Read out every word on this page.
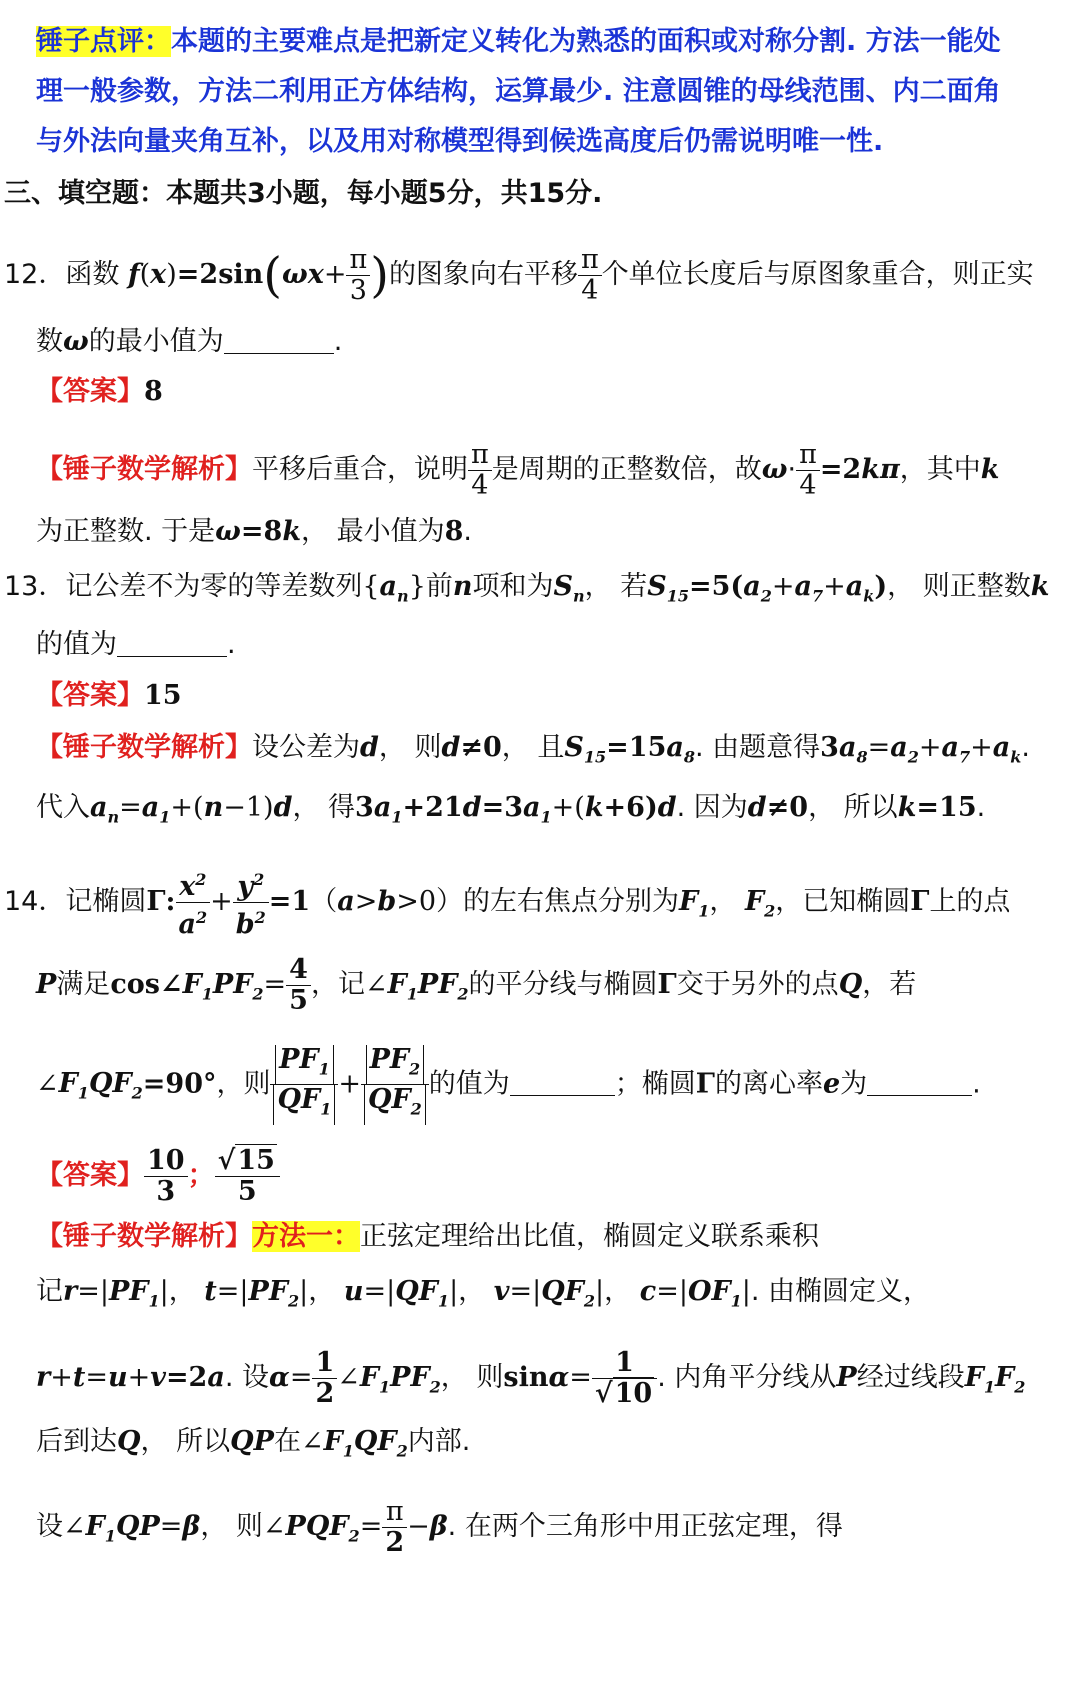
锤子点评：本题的主要难点是把新定义转化为熟悉的面积或对称分割. 方法一能处
理一般参数，方法二利用正方体结构，运算最少. 注意圆锥的母线范围、内二面角
与外法向量夹角互补，以及用对称模型得到候选高度后仍需说明唯一性.
三、填空题：本题共3小题，每小题5分，共15分.
12．函数 $f(x)=2\sin(\omega x+ \frac{\pi}{3}$ )的图象向右平移 $\frac{\pi}{4}$ 个单位长度后与原图象重合，则正实
数ω的最小值为	.
【答案】8
【锤子数学解析】平移后重合，说明 $\frac{\pi}{4}$ 是周期的正整数倍，故$\omega\cdot \frac{\pi}{4} =2k\pi$，其中k
为正整数. 于是ω=8k， 最小值为8.
13．记公差不为零的等差数列$\{a_n\}$前n项和为$S_n$， 若$S_{15}=5(a_2+a_7+a_k)$， 则正整数k
的值为	.
【答案】15
【锤子数学解析】设公差为d， 则d≠0， 且$S_{15}=15a_8$. 由题意得$3a_8=a_2+a_7+a_k$.
代入$a_n=a_1+(n-1)d$， 得$3a_1+21d=3a_1+(k+6)d$. 因为d≠0， 所以k=15.
14．记椭圆Γ: $\frac{x^2}{a^2} + \frac{y^2}{b^2} =1(a>b>0)$的左右焦点分别为$F_1$， $F_2$，已知椭圆Γ上的点
P满足$\cos\angle F_1PF_2= \frac{4}{5}$ ，记$\angle F_1PF_2$的平分线与椭圆Γ交于另外的点Q，若
$\angle F_1QF_2=90^\circ$，则 $\frac{PF_1}{QF_1} + \frac{PF_2}{QF_2}$ 的值为	；椭圆Γ的离心率e为	.
【答案】 $\frac{10}{3}$ ； $\frac{√15}{5}$
【锤子数学解析】方法一：正弦定理给出比值，椭圆定义联系乘积
记$r=|PF_1|$， $t=|PF_2|$， $u=|QF_1|$， $v=|QF_2|$， $c=|OF_1|$. 由椭圆定义，
r+t=u+v=2a. 设$\alpha= \frac{1}{2}$ $\angle F_1PF_2$， 则$\sin\alpha= \frac{1}{√10}$ . 内角平分线从P经过线段$F_1F_2$
后到达Q， 所以QP在$\angle F_1QF_2$内部.
设$\angle F_1QP=\beta$， 则$\angle PQF_2= \frac{\pi}{2} -\beta$. 在两个三角形中用正弦定理，得
